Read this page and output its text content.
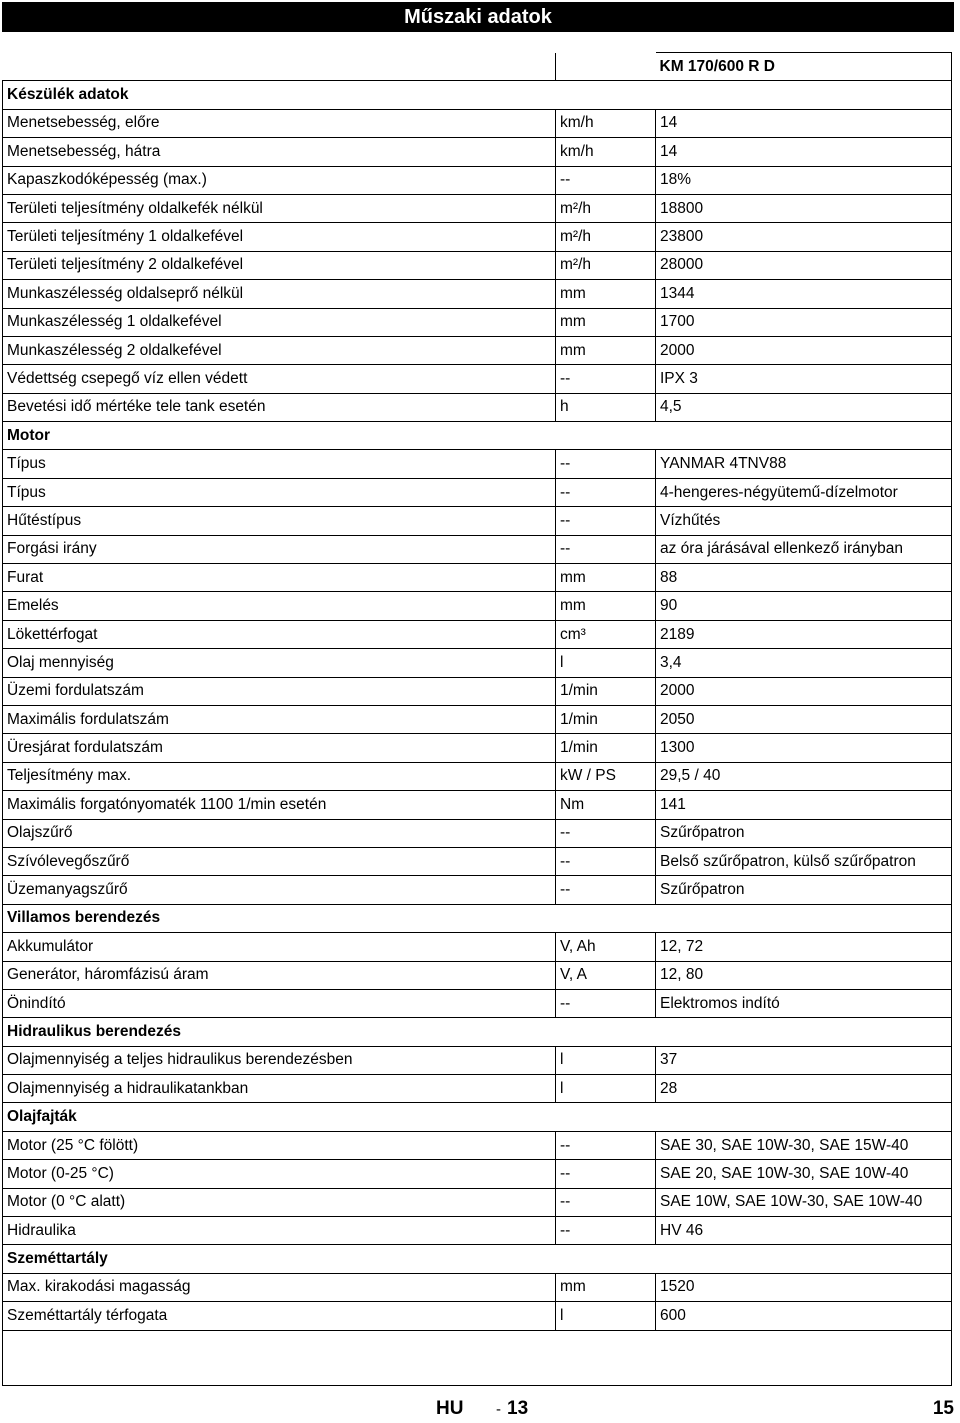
Műszaki adatok
		KM 170/600 R D
Készülék adatok		
Menetsebesség, előre	km/h	14
Menetsebesség, hátra	km/h	14
Kapaszkodóképesség (max.)	--	18%
Területi teljesítmény oldalkefék nélkül	m²/h	18800
Területi teljesítmény 1 oldalkefével	m²/h	23800
Területi teljesítmény 2 oldalkefével	m²/h	28000
Munkaszélesség oldalseprő nélkül	mm	1344
Munkaszélesség 1 oldalkefével	mm	1700
Munkaszélesség 2 oldalkefével	mm	2000
Védettség csepegő víz ellen védett	--	IPX 3
Bevetési idő mértéke tele tank esetén	h	4,5
Motor		
Típus	--	YANMAR 4TNV88
Típus	--	4-hengeres-négyütemű-dízelmotor
Hűtéstípus	--	Vízhűtés
Forgási irány	--	az óra járásával ellenkező irányban
Furat	mm	88
Emelés	mm	90
Lökettérfogat	cm³	2189
Olaj mennyiség	l	3,4
Üzemi fordulatszám	1/min	2000
Maximális fordulatszám	1/min	2050
Üresjárat fordulatszám	1/min	1300
Teljesítmény max.	kW / PS	29,5 / 40
Maximális forgatónyomaték 1100 1/min esetén	Nm	141
Olajszűrő	--	Szűrőpatron
Szívólevegőszűrő	--	Belső szűrőpatron, külső szűrőpatron
Üzemanyagszűrő	--	Szűrőpatron
Villamos berendezés		
Akkumulátor	V, Ah	12, 72
Generátor, háromfázisú áram	V, A	12, 80
Önindító	--	Elektromos indító
Hidraulikus berendezés		
Olajmennyiség a teljes hidraulikus berendezésben	l	37
Olajmennyiség a hidraulikatankban	l	28
Olajfajták		
Motor (25 °C fölött)	--	SAE 30, SAE 10W-30, SAE 15W-40
Motor (0-25 °C)	--	SAE 20, SAE 10W-30, SAE 10W-40
Motor (0 °C alatt)	--	SAE 10W, SAE 10W-30, SAE 10W-40
Hidraulika	--	HV 46
Szeméttartály		
Max. kirakodási magasság	mm	1520
Szeméttartály térfogata	l	600

HU - 13	15
